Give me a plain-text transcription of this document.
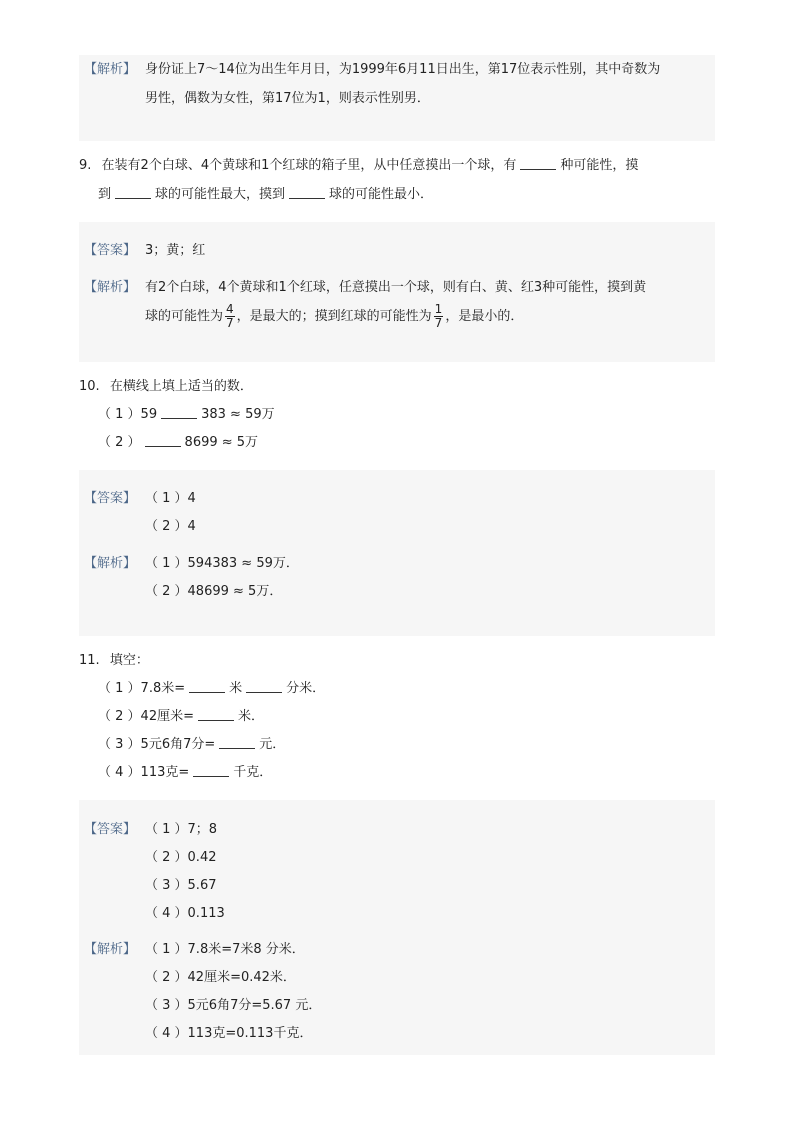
【解析】 身份证上7～14位为出生年月日，为1999年6月11日出生，第17位表示性别，其中奇数为
男性，偶数为女性，第17位为1，则表示性别男．
9. 在装有2个白球、4个黄球和1个红球的箱子里，从中任意摸出一个球，有	种可能性，摸
到	球的可能性最大，摸到	球的可能性最小．
【答案】 3；黄；红
【解析】 有2个白球，4个黄球和1个红球，任意摸出一个球，则有白、黄、红3种可能性，摸到黄
球的可能性为 $\frac{4}{7}$ ，是最大的；摸到红球的可能性为 $\frac{1}{7}$ ，是最小的．
10. 在横线上填上适当的数．
（ 1 ）59	383 ≈ 59万
（ 2 ）	8699 ≈ 5万
【答案】 （ 1 ）4
（ 2 ）4
【解析】 （ 1 ）594383 ≈ 59万．
（ 2 ）48699 ≈ 5万．
11. 填空：
（ 1 ）7.8米=	米	分米．
（ 2 ）42厘米=	米．
（ 3 ）5元6角7分=	元．
（ 4 ）113克=	千克．
【答案】 （ 1 ）7；8
（ 2 ）0.42
（ 3 ）5.67
（ 4 ）0.113
【解析】 （ 1 ）7.8米=7米8 分米．
（ 2 ）42厘米=0.42米．
（ 3 ）5元6角7分=5.67 元．
（ 4 ）113克=0.113千克．
